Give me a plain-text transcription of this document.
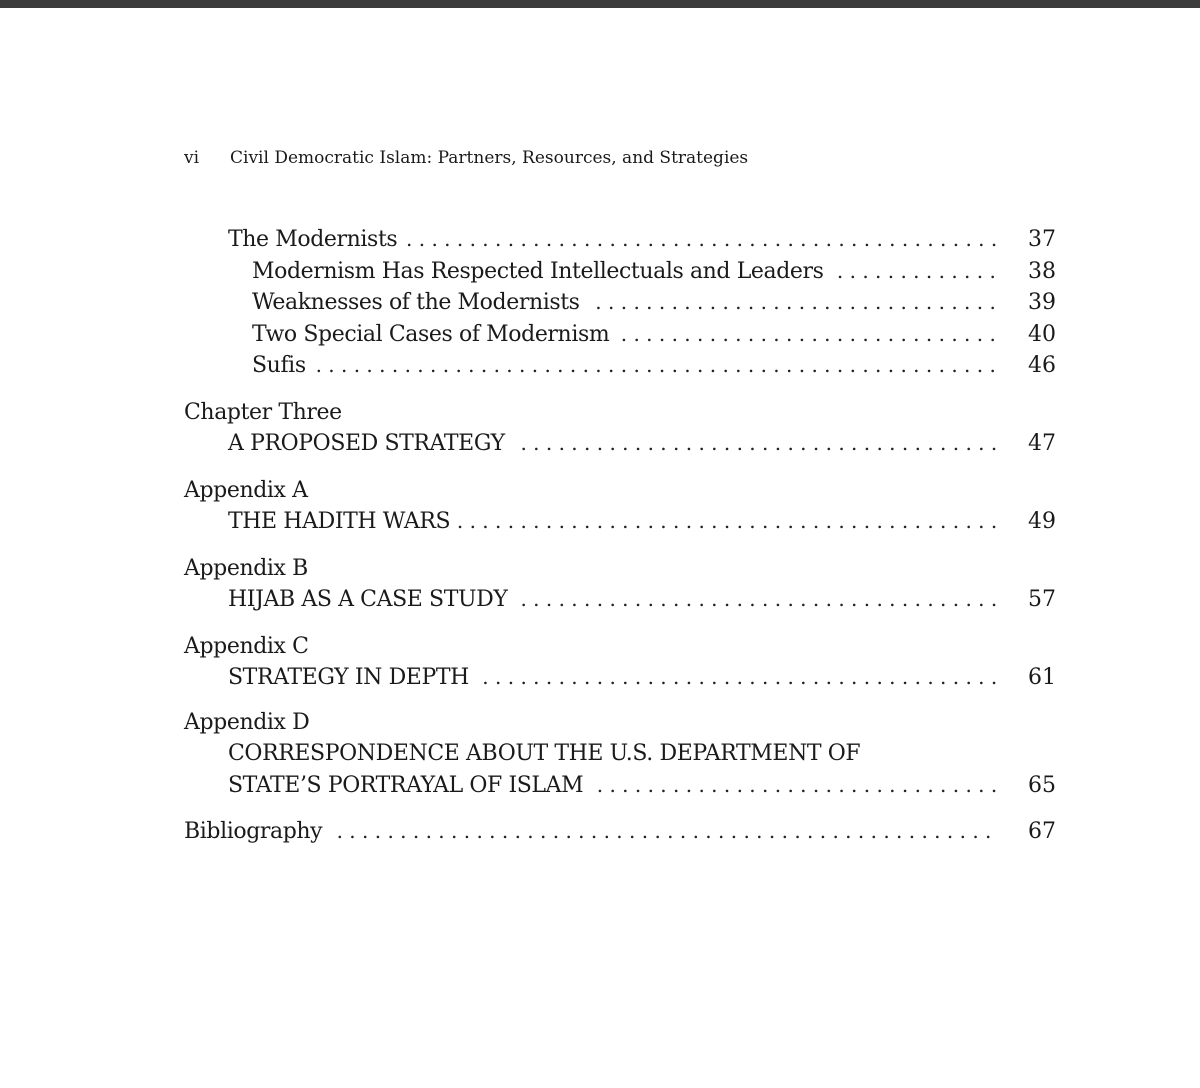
vi Civil Democratic Islam: Partners, Resources, and Strategies
. . .
The Modernists	37
. . .
Modernism Has Respected Intellectuals and Leaders	38
. . .
Weaknesses of the Modernists	39
. . .
Two Special Cases of Modernism	40
. . .
Sufis	46
Chapter Three
. . .
A PROPOSED STRATEGY	47
Appendix A
. . .
THE HADITH WARS	49
Appendix B
. . .
HIJAB AS A CASE STUDY	57
Appendix C
. . .
STRATEGY IN DEPTH	61
Appendix D
CORRESPONDENCE ABOUT THE U.S. DEPARTMENT OF
. . .
STATE’S PORTRAYAL OF ISLAM	65
. . .
Bibliography	67
